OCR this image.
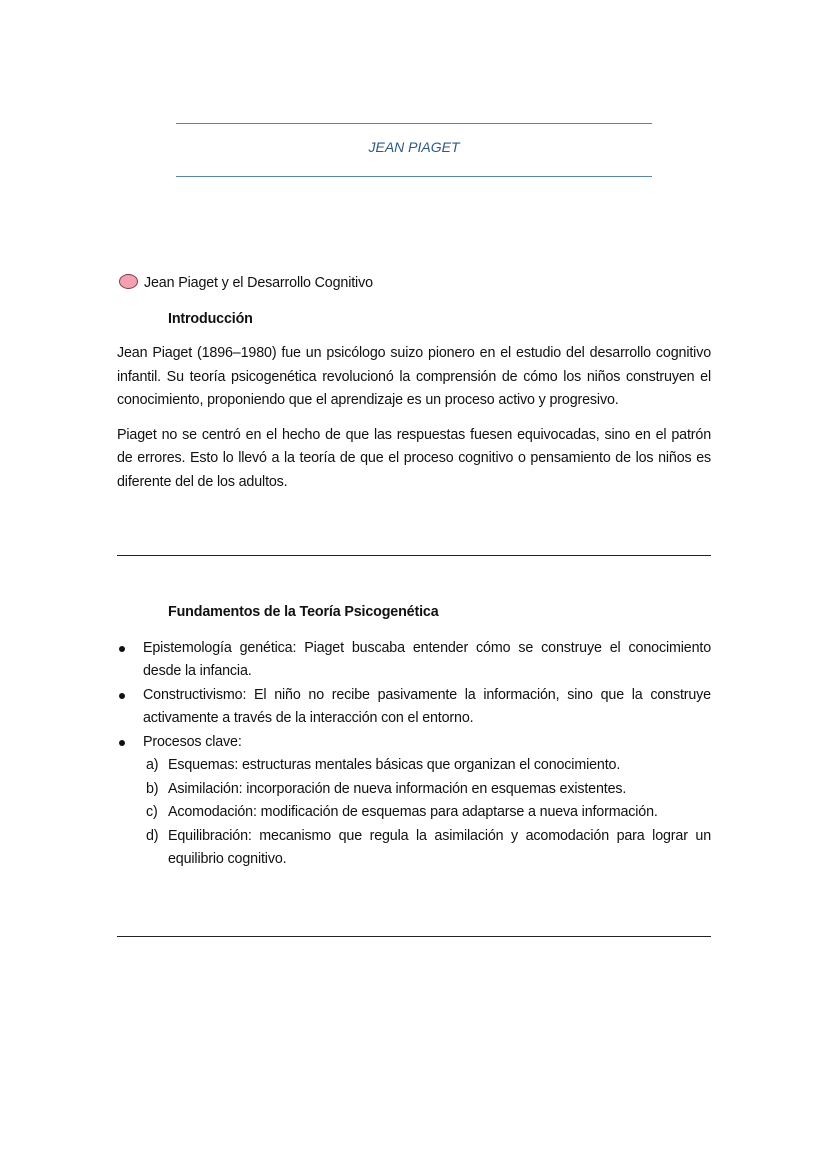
JEAN PIAGET
Jean Piaget y el Desarrollo Cognitivo
Introducción

Jean Piaget (1896–1980) fue un psicólogo suizo pionero en el estudio del desarrollo cognitivo infantil. Su teoría psicogenética revolucionó la comprensión de cómo los niños construyen el conocimiento, proponiendo que el aprendizaje es un proceso activo y progresivo.

Piaget no se centró en el hecho de que las respuestas fuesen equivocadas, sino en el patrón de errores. Esto lo llevó a la teoría de que el proceso cognitivo o pensamiento de los niños es diferente del de los adultos.

Fundamentos de la Teoría Psicogenética
Epistemología genética: Piaget buscaba entender cómo se construye el conocimiento desde la infancia.
Constructivismo: El niño no recibe pasivamente la información, sino que la construye activamente a través de la interacción con el entorno.
Procesos clave:
a) Esquemas: estructuras mentales básicas que organizan el conocimiento.
b) Asimilación: incorporación de nueva información en esquemas existentes.
c) Acomodación: modificación de esquemas para adaptarse a nueva información.
d) Equilibración: mecanismo que regula la asimilación y acomodación para lograr un equilibrio cognitivo.
